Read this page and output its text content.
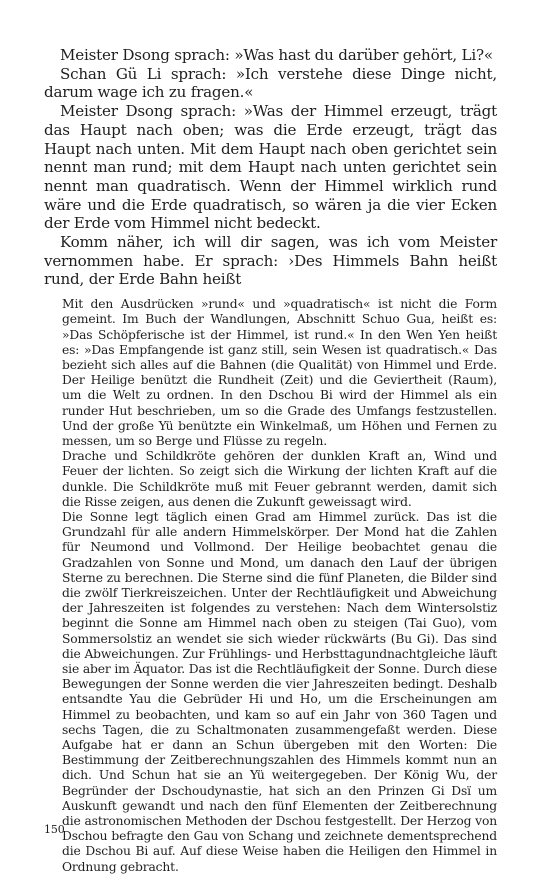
Meister Dsong sprach: »Was hast du darüber gehört, Li?«

Schan Gü Li sprach: »Ich verstehe diese Dinge nicht, darum wage ich zu fragen.«

Meister Dsong sprach: »Was der Himmel erzeugt, trägt das Haupt nach oben; was die Erde erzeugt, trägt das Haupt nach unten. Mit dem Haupt nach oben gerichtet sein nennt man rund; mit dem Haupt nach unten gerichtet sein nennt man quadratisch. Wenn der Himmel wirklich rund wäre und die Erde quadratisch, so wären ja die vier Ecken der Erde vom Himmel nicht bedeckt.

Komm näher, ich will dir sagen, was ich vom Meister vernommen habe. Er sprach: ›Des Himmels Bahn heißt rund, der Erde Bahn heißt

Mit den Ausdrücken »rund« und »quadratisch« ist nicht die Form gemeint. Im Buch der Wandlungen, Abschnitt Schuo Gua, heißt es: »Das Schöpferische ist der Himmel, ist rund.« In den Wen Yen heißt es: »Das Empfangende ist ganz still, sein Wesen ist quadratisch.« Das bezieht sich alles auf die Bahnen (die Qualität) von Himmel und Erde. Der Heilige benützt die Rundheit (Zeit) und die Geviertheit (Raum), um die Welt zu ordnen. In den Dschou Bi wird der Himmel als ein runder Hut beschrieben, um so die Grade des Umfangs festzustellen. Und der große Yü benützte ein Winkelmaß, um Höhen und Fernen zu messen, um so Berge und Flüsse zu regeln.

Drache und Schildkröte gehören der dunklen Kraft an, Wind und Feuer der lichten. So zeigt sich die Wirkung der lichten Kraft auf die dunkle. Die Schildkröte muß mit Feuer gebrannt werden, damit sich die Risse zeigen, aus denen die Zukunft geweissagt wird.

Die Sonne legt täglich einen Grad am Himmel zurück. Das ist die Grundzahl für alle andern Himmelskörper. Der Mond hat die Zahlen für Neumond und Vollmond. Der Heilige beobachtet genau die Gradzahlen von Sonne und Mond, um danach den Lauf der übrigen Sterne zu berechnen. Die Sterne sind die fünf Planeten, die Bilder sind die zwölf Tierkreiszeichen. Unter der Rechtläufigkeit und Abweichung der Jahreszeiten ist folgendes zu verstehen: Nach dem Wintersolstiz beginnt die Sonne am Himmel nach oben zu steigen (Tai Guo), vom Sommersolstiz an wendet sie sich wieder rückwärts (Bu Gi). Das sind die Abweichungen. Zur Frühlings- und Herbsttagundnachtgleiche läuft sie aber im Äquator. Das ist die Rechtläufigkeit der Sonne. Durch diese Bewegungen der Sonne werden die vier Jahreszeiten bedingt. Deshalb entsandte Yau die Gebrüder Hi und Ho, um die Erscheinungen am Himmel zu beobachten, und kam so auf ein Jahr von 360 Tagen und sechs Tagen, die zu Schaltmonaten zusammengefaßt werden. Diese Aufgabe hat er dann an Schun übergeben mit den Worten: Die Bestimmung der Zeitberechnungszahlen des Himmels kommt nun an dich. Und Schun hat sie an Yü weitergegeben. Der König Wu, der Begründer der Dschoudynastie, hat sich an den Prinzen Gi Dsï um Auskunft gewandt und nach den fünf Elementen der Zeitberechnung die astronomischen Methoden der Dschou festgestellt. Der Herzog von Dschou befragte den Gau von Schang und zeichnete dementsprechend die Dschou Bi auf. Auf diese Weise haben die Heiligen den Himmel in Ordnung gebracht.

150
